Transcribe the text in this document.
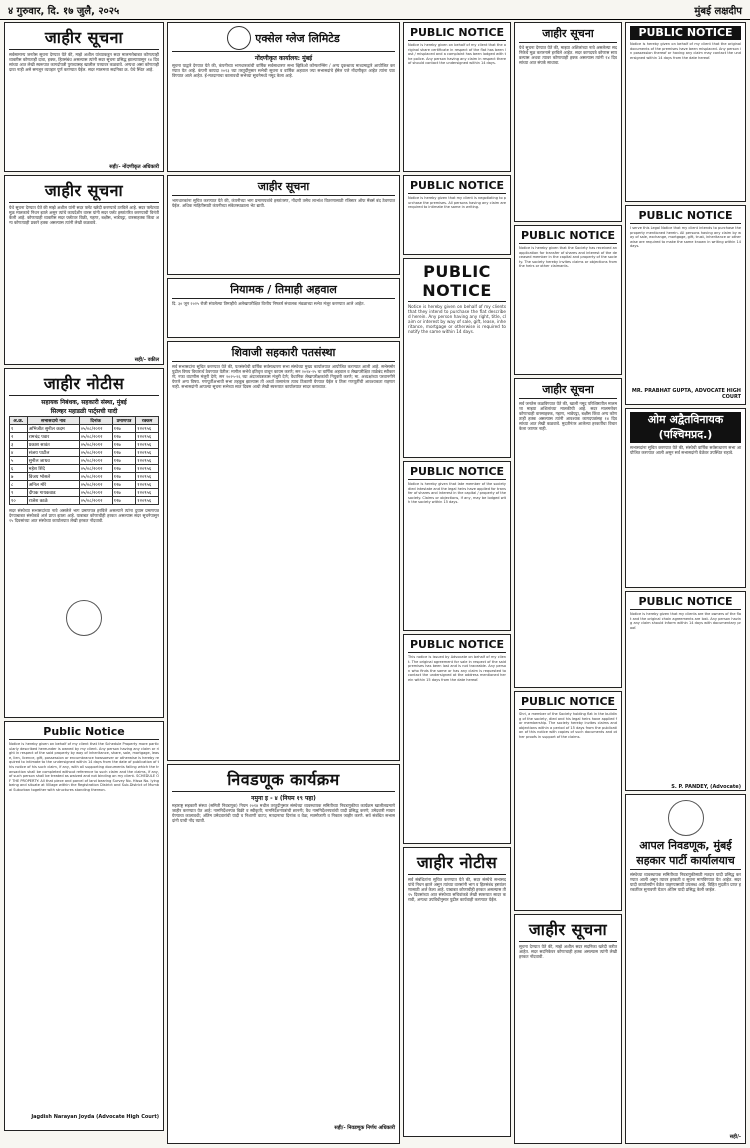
४ गुरुवार, दि. १७ जुलै, २०२५	मुंबई लक्षदीप
जाहीर सूचना
सर्वसामान्य जनतेस सूचना देण्यात येते की, माझे अशील यांच्याकडून सदर मालमत्तेबाबत कोणत्याही व्यक्तीस कोणताही दावा, हक्क, हितसंबंध असल्यास त्यांनी सदर सूचना प्रसिद्ध झाल्यापासून १४ दिवसांच्या आत लेखी स्वरूपात कागदोपत्री पुराव्यासह खालील पत्त्यावर कळवावे. अन्यथा असा कोणताही दावा नाही असे समजून व्यवहार पूर्ण करण्यात येईल. सदर मालमत्ता सदनिका क्र. येथे स्थित आहे.
सही/- नोंदणीकृत अधिकारी
जाहीर सूचना
येथे सूचना देण्यात येते की माझे अशील यांनी सदर फ्लॅट खरेदी करण्याचे ठरविले आहे. सदर फ्लॅटच्या मूळ मालकाचे निधन झाले असून त्यांचे कायदेशीर वारस यांनी सदर फ्लॅट हस्तांतरित करण्याची विनंती केली आहे. कोणत्याही व्यक्तीस सदर फ्लॅटवर विक्री, गहाण, बक्षीस, भाडेपट्टा, वारसाहक्क किंवा अन्य कोणत्याही प्रकारे हक्क असल्यास त्यांनी लेखी कळवावे.
सही/- वकील
जाहीर नोटीस
सहायक निबंधक, सहकारी संस्था, मुंबई
सिल्व्हर महाडळी पार्ट्सची यादी
अ.क्र.	सभासदाचे नाव	दिनांक	प्रमाणपत्र	रक्कम
१	अभिजीत सुनील कदम	०५/०८/२०१२	१२७	१२०९५६
२	रामचंद्र पवार	०५/०८/२०१२	१२७	१२०९५६
३	प्रकाश सावंत	०५/०८/२०१२	१२७	१२०९५६
४	संजय पाटील	०५/०८/२०१२	१२७	१२०९५६
५	सुनील जाधव	०५/०८/२०१२	१२७	१२०९५६
६	महेश शिंदे	०५/०८/२०१२	१२७	१२०९५६
७	विजय भोसले	०५/०८/२०१२	१२७	१२०९५६
८	अनिल मोरे	०५/०८/२०१२	१२७	१२०९५६
९	दीपक गायकवाड	०५/०८/२०१२	१२७	१२०९५६
१०	राजेश काळे	०५/०८/२०१२	१२७	१२०९५६
सदर संस्थेच्या सभासदांच्या नावे असलेले भाग प्रमाणपत्र हरविले असल्याने त्यांना दुय्यम प्रमाणपत्र देण्याबाबत संस्थेकडे अर्ज प्राप्त झाला आहे. याबाबत कोणाचीही हरकत असल्यास सदर सूचनेपासून १५ दिवसांच्या आत संस्थेच्या कार्यालयात लेखी हरकत नोंदवावी.
Public Notice
Notice is hereby given on behalf of my client that the Schedule Property more particularly described hereunder is owned by my client. Any person having any claim or right in respect of the said property by way of inheritance, share, sale, mortgage, lease, lien, licence, gift, possession or encumbrance howsoever or otherwise is hereby required to intimate to the undersigned within 14 days from the date of publication of this notice of his such claim, if any, with all supporting documents failing which the transaction shall be completed without reference to such claim and the claims, if any, of such person shall be treated as waived and not binding on my client. SCHEDULE OF THE PROPERTY: All that piece and parcel of land bearing Survey No. Hissa No. lying being and situate at Village within the Registration District and Sub-District of Mumbai Suburban together with structures standing thereon.
Jagdish Narayan Joyda (Advocate High Court)
एक्सेल ग्लेज लिमिटेड
नोंदणीकृत कार्यालय: मुंबई
सूचना याद्वारे देण्यात येते की, कंपनीच्या भागधारकांची वार्षिक सर्वसाधारण सभा व्हिडिओ कॉन्फरन्सिंग / अन्य दृकश्राव्य माध्यमाद्वारे आयोजित करण्यात येत आहे. कंपनी कायदा २०१३ च्या तरतुदींनुसार सभेची सूचना व वार्षिक अहवाल ज्या सभासदांचे ईमेल पत्ते नोंदणीकृत आहेत त्यांना पाठविण्यात आले आहेत. ई-मतदानाचा कालावधी सभेच्या सूचनेमध्ये नमूद केला आहे.
जाहीर सूचना
भागधारकांना सूचित करण्यात येते की, कंपनीच्या भाग प्रमाणपत्रांचे हस्तांतरण, नोंदणी तसेच लाभांश वितरणासाठी रजिस्टर ऑफ मेंबर्स बंद ठेवण्यात येईल. अधिक माहितीसाठी कंपनीच्या संकेतस्थळाला भेट द्यावी.
नियामक / तिमाही अहवाल
दि. ३० जून २०२५ रोजी संपलेल्या तिमाहीचे अलेखापरीक्षित वित्तीय निष्कर्ष संचालक मंडळाच्या सभेत मंजूर करण्यात आले आहेत.
शिवाजी सहकारी पतसंस्था
सर्व सभासदांना सूचित करण्यात येते की, पतसंस्थेची वार्षिक सर्वसाधारण सभा संस्थेच्या मुख्य कार्यालयात आयोजित करण्यात आली आहे. सभेसमोर पुढील विषय विचारार्थ ठेवण्यात येतील: मागील सभेचे इतिवृत्त वाचून कायम करणे; सन २०२४-२५ चा वार्षिक अहवाल व लेखापरीक्षित ताळेबंद स्वीकारणे; नफा वाटणीस मंजुरी देणे; सन २०२५-२६ च्या अंदाजपत्रकास मंजुरी देणे; वैधानिक लेखापरीक्षकांची नियुक्ती करणे; मा. अध्यक्षांच्या परवानगीने येणारे अन्य विषय. गणपूर्तीअभावी सभा तहकूब झाल्यास ती अर्ध्या तासानंतर त्याच ठिकाणी घेण्यात येईल व तिला गणपूर्तीची आवश्यकता राहणार नाही. सभासदांनी आपल्या सूचना सभेच्या सात दिवस आधी लेखी स्वरूपात कार्यालयात सादर कराव्यात.
निवडणूक कार्यक्रम
नमुना इ - ४ (नियम १९ पहा)
महाराष्ट्र सहकारी संस्था (समिती निवडणूक) नियम २०१४ मधील तरतुदीनुसार संस्थेच्या व्यवस्थापक समितीच्या निवडणुकीचा कार्यक्रम खालीलप्रमाणे जाहीर करण्यात येत आहे: नामनिर्देशनपत्र विक्री व स्वीकृती; नामनिर्देशनपत्रांची छाननी; वैध नामनिर्देशनपत्रांची यादी प्रसिद्ध करणे; उमेदवारी माघार घेण्याचा कालावधी; अंतिम उमेदवारांची यादी व निशाणी वाटप; मतदानाचा दिनांक व वेळ; मतमोजणी व निकाल जाहीर करणे. सर्व संबंधित सभासदांनी याची नोंद घ्यावी.
सही/- निवडणूक निर्णय अधिकारी
PUBLIC NOTICE
Notice is hereby given on behalf of my client that the original share certificate in respect of the flat has been lost / misplaced and a complaint has been lodged with the police. Any person having any claim in respect thereof should contact the undersigned within 14 days.
PUBLIC NOTICE
Notice is hereby given that my client is negotiating to purchase the premises. All persons having any claim are required to intimate the same in writing.
PUBLIC NOTICE
Notice is hereby given on behalf of my clients that they intend to purchase the flat described herein. Any person having any right, title, claim or interest by way of sale, gift, lease, inheritance, mortgage or otherwise is required to notify the same within 14 days.
PUBLIC NOTICE
Notice is hereby given that late member of the society died intestate and the legal heirs have applied for transfer of shares and interest in the capital / property of the society. Claims or objections, if any, may be lodged with the society within 15 days.
PUBLIC NOTICE
This notice is issued by Advocate on behalf of my client. The original agreement for sale in respect of the said premises has been lost and is not traceable. Any person who finds the same or has any claim is requested to contact the undersigned at the address mentioned herein within 15 days from the date hereof.
जाहीर नोटीस
सर्व संबंधितांना सूचित करण्यात येते की, सदर संस्थेचे सभासद यांचे निधन झाले असून त्यांच्या वारसांनी भाग व हितसंबंध हस्तांतरणासाठी अर्ज केला आहे. याबाबत कोणाचीही हरकत असल्यास ती १५ दिवसांच्या आत संस्थेच्या सचिवांकडे लेखी स्वरूपात सादर करावी, अन्यथा उपविधीनुसार पुढील कार्यवाही करण्यात येईल.
जाहीर सूचना
येथे सूचना देण्यात येते की, माझ्या अशिलांच्या नावे असलेल्या सदनिकेचे मूळ करारनामे हरविले आहेत. सदर कागदपत्रे कोणास सापडल्यास अथवा त्यावर कोणाचाही हक्क असल्यास त्यांनी १४ दिवसांच्या आत संपर्क साधावा.
PUBLIC NOTICE
Notice is hereby given that the Society has received an application for transfer of shares and interest of the deceased member in the capital and property of the society. The society hereby invites claims or objections from the heirs or other claimants.
जाहीर सूचना
सर्व जनतेस कळविण्यात येते की, खाली नमूद परिशिष्टातील मालमत्ता माझ्या अशिलांच्या मालकीची आहे. सदर मालमत्तेवर कोणाचाही वारसाहक्क, गहाण, भाडेपट्टा, बक्षीस किंवा अन्य कोणताही हक्क असल्यास त्यांनी आवश्यक कागदपत्रांसह १४ दिवसांच्या आत लेखी कळवावे. मुदतीनंतर आलेल्या हरकतींचा विचार केला जाणार नाही.
PUBLIC NOTICE
Shri, a member of the Society holding flat in the building of the society, died and his legal heirs have applied for membership. The society hereby invites claims and objections within a period of 15 days from the publication of this notice with copies of such documents and other proofs in support of the claims.
जाहीर सूचना
सूचना देण्यात येते की, माझे अशील सदर सदनिका खरेदी करीत आहेत. सदर सदनिकेवर कोणाचाही हक्क असल्यास त्यांनी लेखी हरकत नोंदवावी.
PUBLIC NOTICE
Notice is hereby given on behalf of my client that the original documents of the premises have been misplaced. Any person in possession thereof or having any claim may contact the undersigned within 14 days from the date hereof.
PUBLIC NOTICE
I serve this Legal Notice that my client intends to purchase the property mentioned herein. All persons having any claim by way of sale, exchange, mortgage, gift, trust, inheritance or otherwise are required to make the same known in writing within 14 days.
MR. PRABHAT GUPTA, ADVOCATE HIGH COURT
ओम अद्वैतविनायक (पश्चिमप्रद.)
सभासदांना सूचित करण्यात येते की, संस्थेची वार्षिक सर्वसाधारण सभा आयोजित करण्यात आली असून सर्व सभासदांनी वेळेवर उपस्थित राहावे.
PUBLIC NOTICE
Notice is hereby given that my clients are the owners of the flat and the original chain agreements are lost. Any person having any claim should inform within 14 days with documentary proof.
S. P. PANDEY, (Advocate)
आपल निवडणूक, मुंबई सहकार पार्टी कार्यालयाच
संस्थेच्या व्यवस्थापक समितीच्या निवडणुकीसाठी मतदार यादी प्रसिद्ध करण्यात आली असून त्यावर हरकती व सूचना मागविण्यात येत आहेत. सदर यादी कार्यालयीन वेळेत पाहण्यासाठी उपलब्ध आहे. विहित मुदतीत प्राप्त हरकतींवर सुनावणी घेऊन अंतिम यादी प्रसिद्ध केली जाईल.
सही/-
